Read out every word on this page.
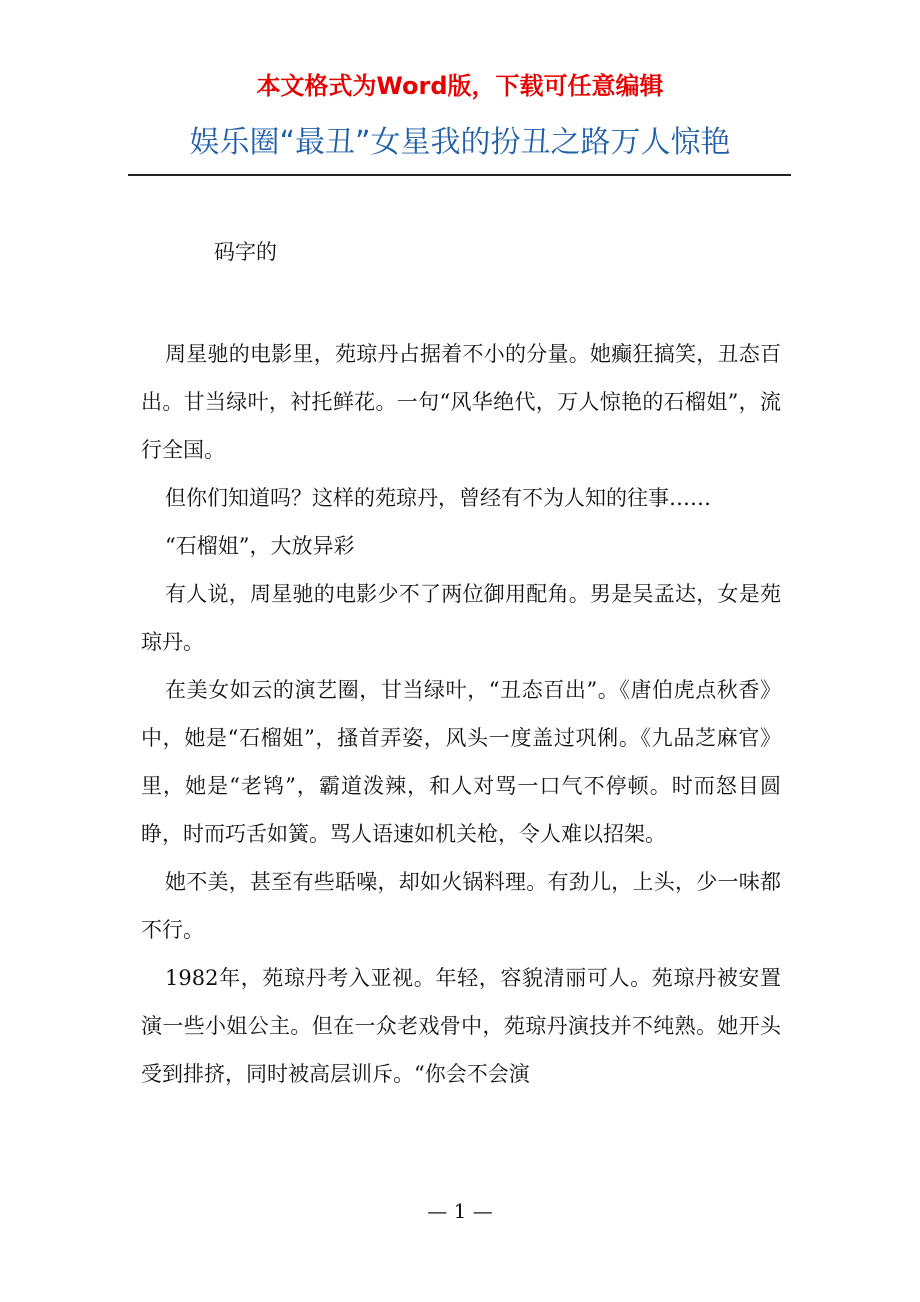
本文格式为Word版，下载可任意编辑
娱乐圈“最丑”女星我的扮丑之路万人惊艳
码字的

周星驰的电影里，苑琼丹占据着不小的分量。她癫狂搞笑，丑态百出。甘当绿叶，衬托鲜花。一句“风华绝代，万人惊艳的石榴姐”，流行全国。

但你们知道吗？这样的苑琼丹，曾经有不为人知的往事……

“石榴姐”，大放异彩

有人说，周星驰的电影少不了两位御用配角。男是吴孟达，女是苑琼丹。

在美女如云的演艺圈，甘当绿叶，“丑态百出”。《唐伯虎点秋香》中，她是“石榴姐”，搔首弄姿，风头一度盖过巩俐。《九品芝麻官》里，她是“老鸨”，霸道泼辣，和人对骂一口气不停顿。时而怒目圆睁，时而巧舌如簧。骂人语速如机关枪，令人难以招架。

她不美，甚至有些聒噪，却如火锅料理。有劲儿，上头，少一味都不行。

1982年，苑琼丹考入亚视。年轻，容貌清丽可人。苑琼丹被安置演一些小姐公主。但在一众老戏骨中，苑琼丹演技并不纯熟。她开头受到排挤，同时被高层训斥。“你会不会演

— 1 —
